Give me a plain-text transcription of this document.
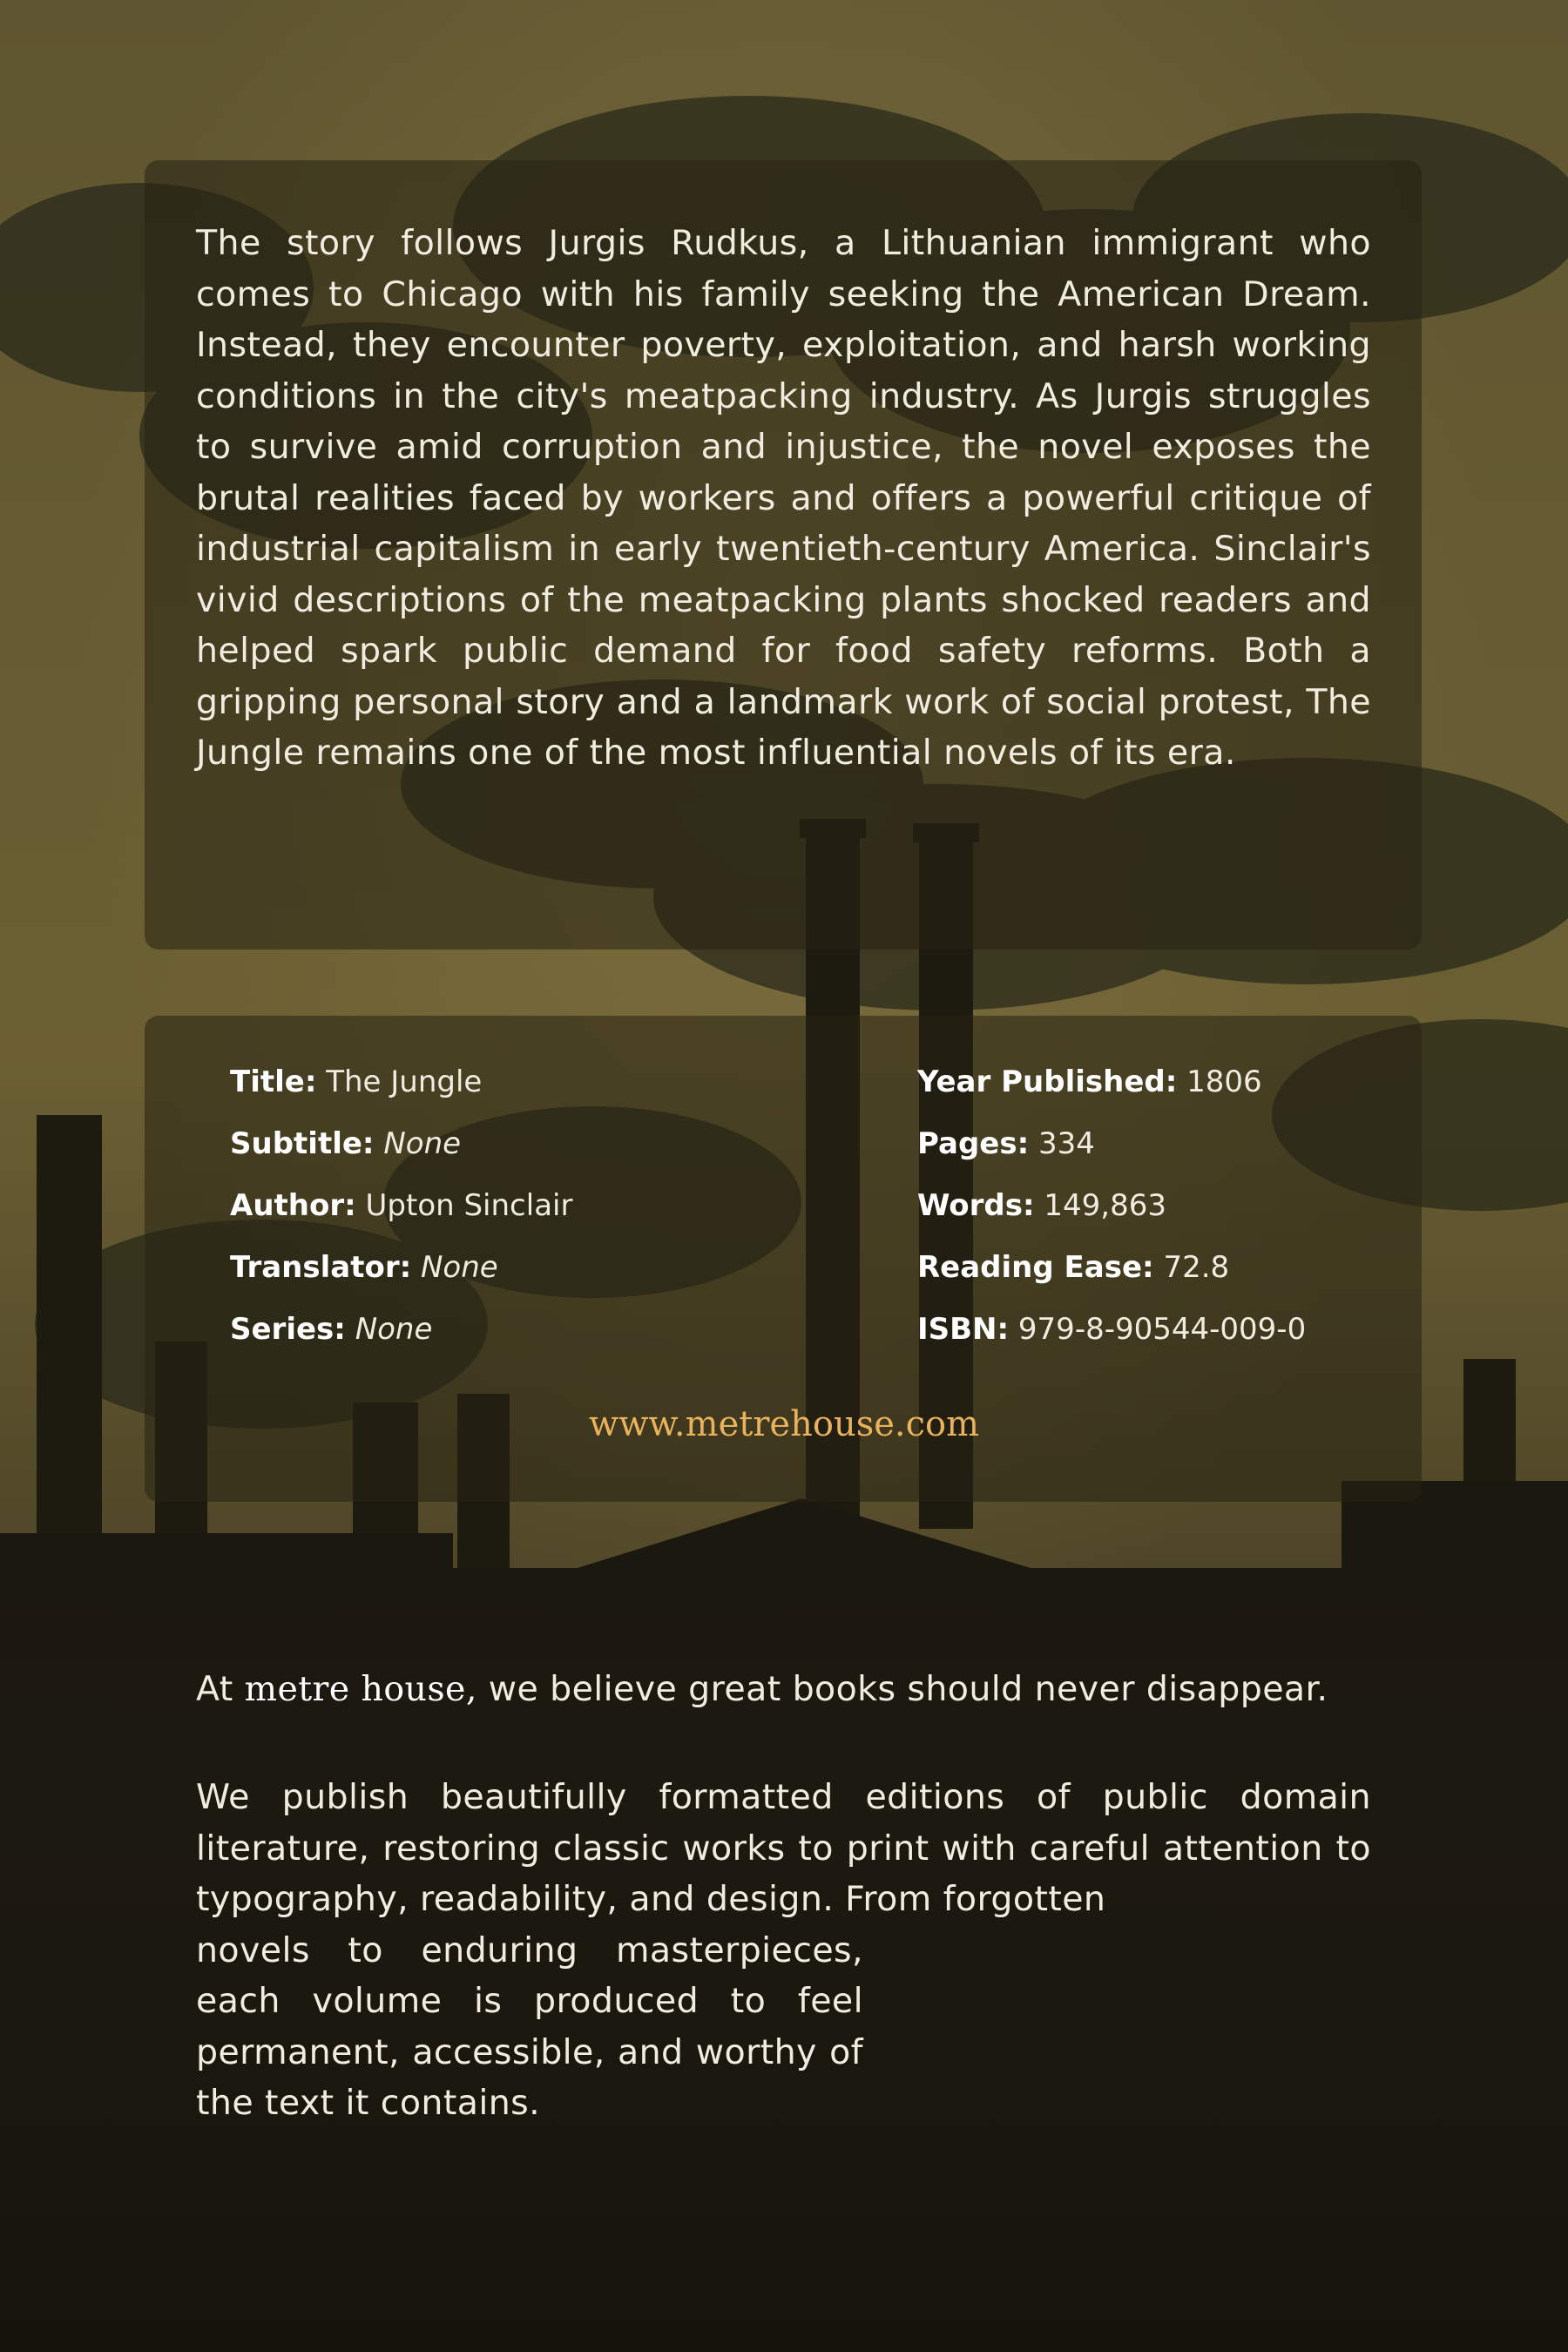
The story follows Jurgis Rudkus, a Lithuanian immigrant who comes to Chicago with his family seeking the American Dream. Instead, they encounter poverty, exploitation, and harsh working conditions in the city's meatpacking industry. As Jurgis struggles to survive amid corruption and injustice, the novel exposes the brutal realities faced by workers and offers a powerful critique of industrial capitalism in early twentieth-century America. Sinclair's vivid descriptions of the meatpacking plants shocked readers and helped spark public demand for food safety reforms. Both a gripping personal story and a landmark work of social protest, The Jungle remains one of the most influential novels of its era.

Title: The Jungle
Subtitle: None
Author: Upton Sinclair
Translator: None
Series: None
Year Published: 1806
Pages: 334
Words: 149,863
Reading Ease: 72.8
ISBN: 979-8-90544-009-0
www.metrehouse.com

At metre house, we believe great books should never disappear.

We publish beautifully formatted editions of public domain literature, restoring classic works to print with careful attention to typography, readability, and design. From forgotten
novels to enduring masterpieces, each volume is produced to feel permanent, accessible, and worthy of the text it contains.
